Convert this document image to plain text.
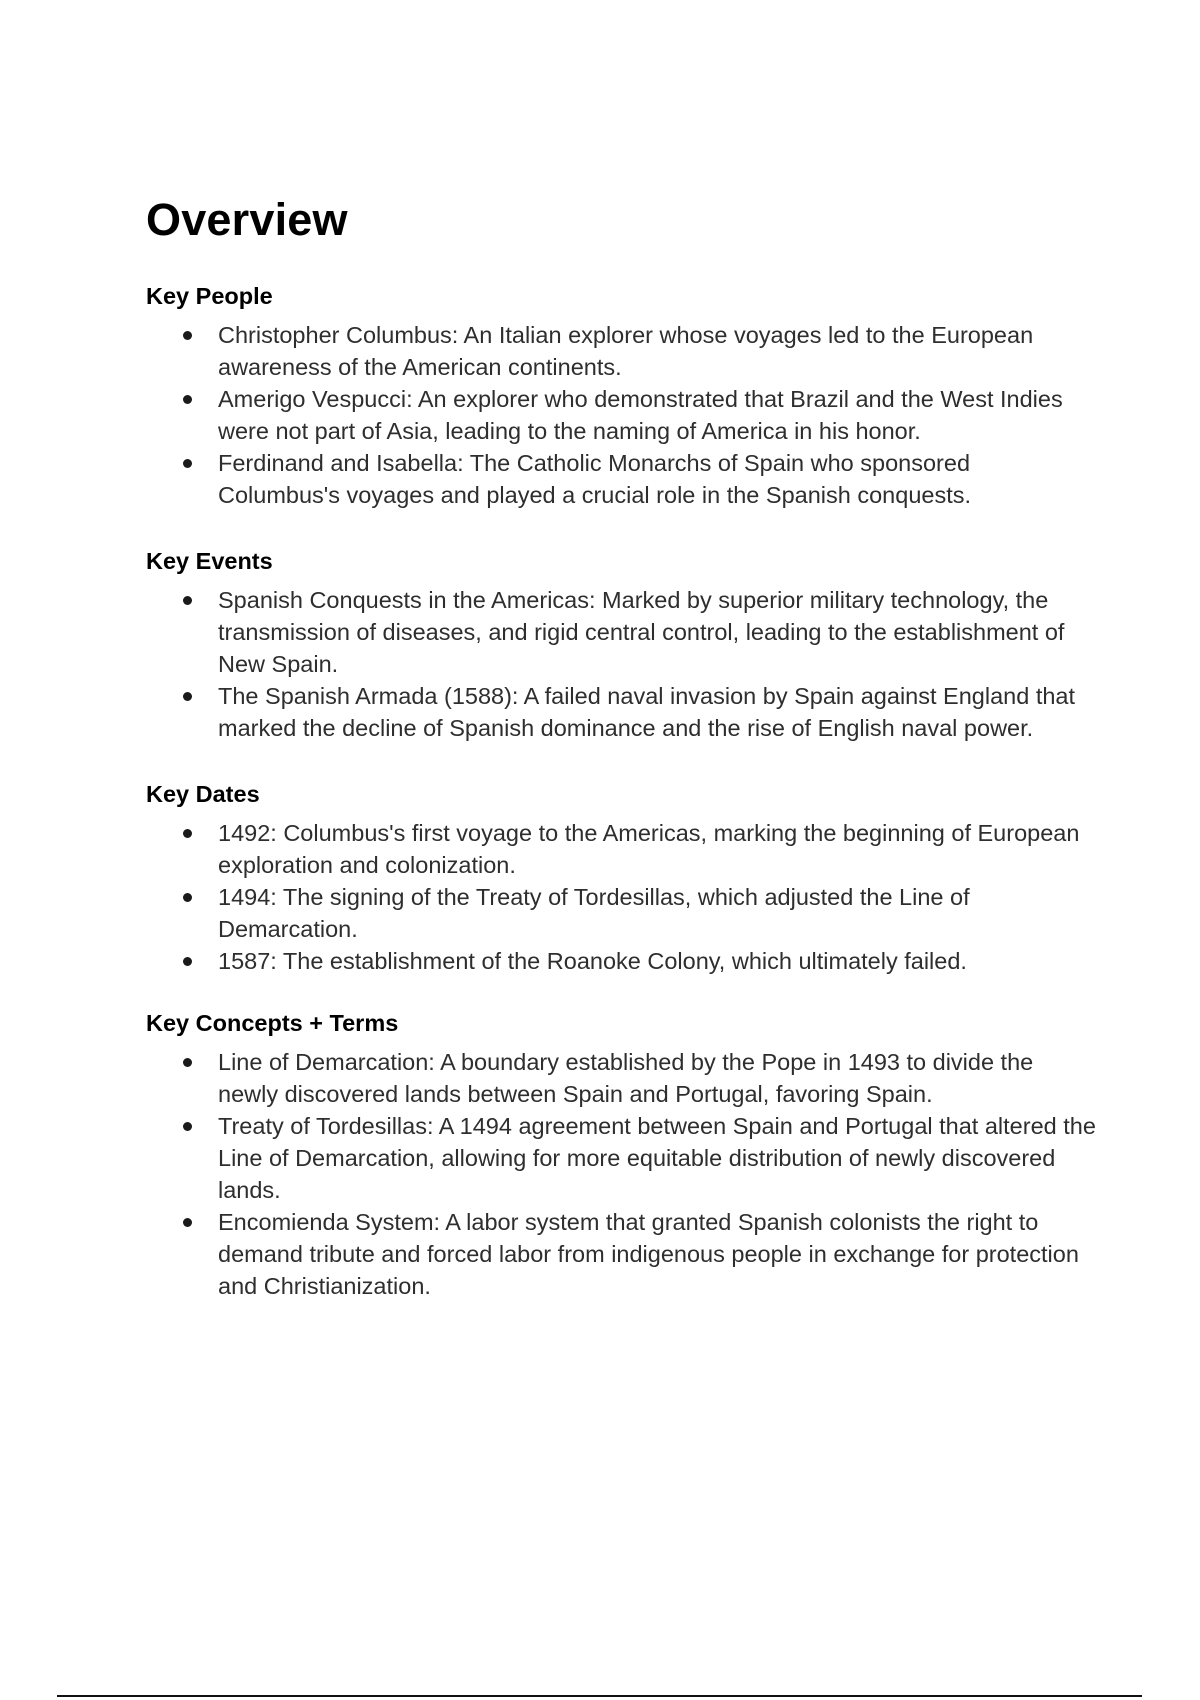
Overview
Key People
Christopher Columbus: An Italian explorer whose voyages led to the European awareness of the American continents.
Amerigo Vespucci: An explorer who demonstrated that Brazil and the West Indies were not part of Asia, leading to the naming of America in his honor.
Ferdinand and Isabella: The Catholic Monarchs of Spain who sponsored Columbus's voyages and played a crucial role in the Spanish conquests.
Key Events
Spanish Conquests in the Americas: Marked by superior military technology, the transmission of diseases, and rigid central control, leading to the establishment of New Spain.
The Spanish Armada (1588): A failed naval invasion by Spain against England that marked the decline of Spanish dominance and the rise of English naval power.
Key Dates
1492: Columbus's first voyage to the Americas, marking the beginning of European exploration and colonization.
1494: The signing of the Treaty of Tordesillas, which adjusted the Line of Demarcation.
1587: The establishment of the Roanoke Colony, which ultimately failed.
Key Concepts + Terms
Line of Demarcation: A boundary established by the Pope in 1493 to divide the newly discovered lands between Spain and Portugal, favoring Spain.
Treaty of Tordesillas: A 1494 agreement between Spain and Portugal that altered the Line of Demarcation, allowing for more equitable distribution of newly discovered lands.
Encomienda System: A labor system that granted Spanish colonists the right to demand tribute and forced labor from indigenous people in exchange for protection and Christianization.
